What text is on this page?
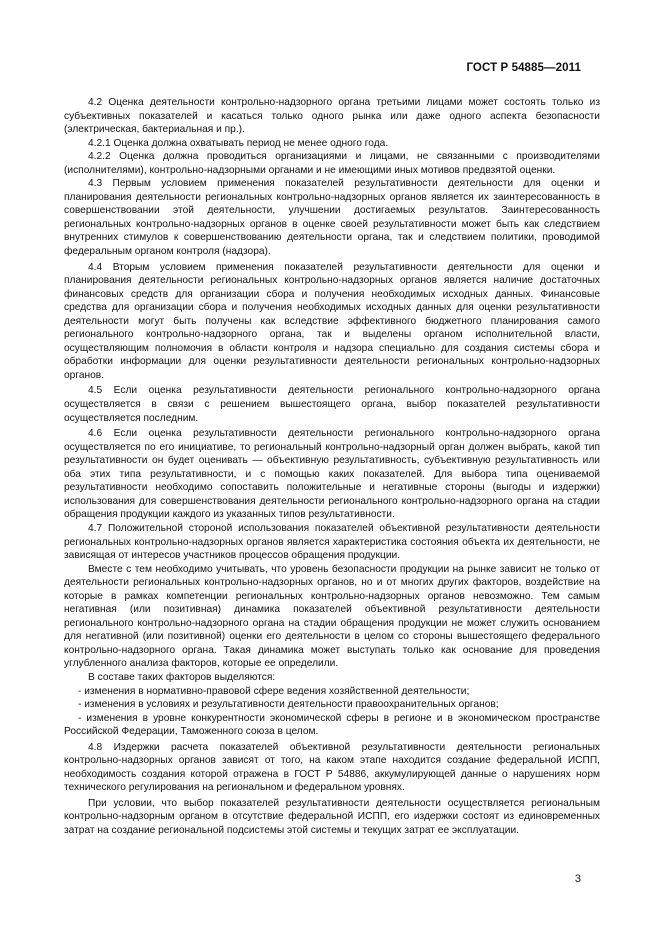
ГОСТ Р 54885—2011

4.2 Оценка деятельности контрольно-надзорного органа третьими лицами может состоять только из субъективных показателей и касаться только одного рынка или даже одного аспекта безопасности (электрическая, бактериальная и пр.).

4.2.1 Оценка должна охватывать период не менее одного года.

4.2.2 Оценка должна проводиться организациями и лицами, не связанными с производителями (исполнителями), контрольно-надзорными органами и не имеющими иных мотивов предвзятой оценки.

4.3 Первым условием применения показателей результативности деятельности для оценки и планирования деятельности региональных контрольно-надзорных органов является их заинтересованность в совершенствовании этой деятельности, улучшении достигаемых результатов. Заинтересованность региональных контрольно-надзорных органов в оценке своей результативности может быть как следствием внутренних стимулов к совершенствованию деятельности органа, так и следствием политики, проводимой федеральным органом контроля (надзора).

4.4 Вторым условием применения показателей результативности деятельности для оценки и планирования деятельности региональных контрольно-надзорных органов является наличие достаточных финансовых средств для организации сбора и получения необходимых исходных данных. Финансовые средства для организации сбора и получения необходимых исходных данных для оценки результативности деятельности могут быть получены как вследствие эффективного бюджетного планирования самого регионального контрольно-надзорного органа, так и выделены органом исполнительной власти, осуществляющим полномочия в области контроля и надзора специально для создания системы сбора и обработки информации для оценки результативности деятельности региональных контрольно-надзорных органов.

4.5 Если оценка результативности деятельности регионального контрольно-надзорного органа осуществляется в связи с решением вышестоящего органа, выбор показателей результативности осуществляется последним.

4.6 Если оценка результативности деятельности регионального контрольно-надзорного органа осуществляется по его инициативе, то региональный контрольно-надзорный орган должен выбрать, какой тип результативности он будет оценивать — объективную результативность, субъективную результативность или оба этих типа результативности, и с помощью каких показателей. Для выбора типа оцениваемой результативности необходимо сопоставить положительные и негативные стороны (выгоды и издержки) использования для совершенствования деятельности регионального контрольно-надзорного органа на стадии обращения продукции каждого из указанных типов результативности.

4.7 Положительной стороной использования показателей объективной результативности деятельности региональных контрольно-надзорных органов является характеристика состояния объекта их деятельности, не зависящая от интересов участников процессов обращения продукции.

Вместе с тем необходимо учитывать, что уровень безопасности продукции на рынке зависит не только от деятельности региональных контрольно-надзорных органов, но и от многих других факторов, воздействие на которые в рамках компетенции региональных контрольно-надзорных органов невозможно. Тем самым негативная (или позитивная) динамика показателей объективной результативности деятельности регионального контрольно-надзорного органа на стадии обращения продукции не может служить основанием для негативной (или позитивной) оценки его деятельности в целом со стороны вышестоящего федерального контрольно-надзорного органа. Такая динамика может выступать только как основание для проведения углубленного анализа факторов, которые ее определили.

В составе таких факторов выделяются:

- изменения в нормативно-правовой сфере ведения хозяйственной деятельности;
- изменения в условиях и результативности деятельности правоохранительных органов;
- изменения в уровне конкурентности экономической сферы в регионе и в экономическом пространстве Российской Федерации, Таможенного союза в целом.

4.8 Издержки расчета показателей объективной результативности деятельности региональных контрольно-надзорных органов зависят от того, на каком этапе находится создание федеральной ИСПП, необходимость создания которой отражена в ГОСТ Р 54886, аккумулирующей данные о нарушениях норм технического регулирования на региональном и федеральном уровнях.

При условии, что выбор показателей результативности деятельности осуществляется региональным контрольно-надзорным органом в отсутствие федеральной ИСПП, его издержки состоят из единовременных затрат на создание региональной подсистемы этой системы и текущих затрат ее эксплуатации.

3
